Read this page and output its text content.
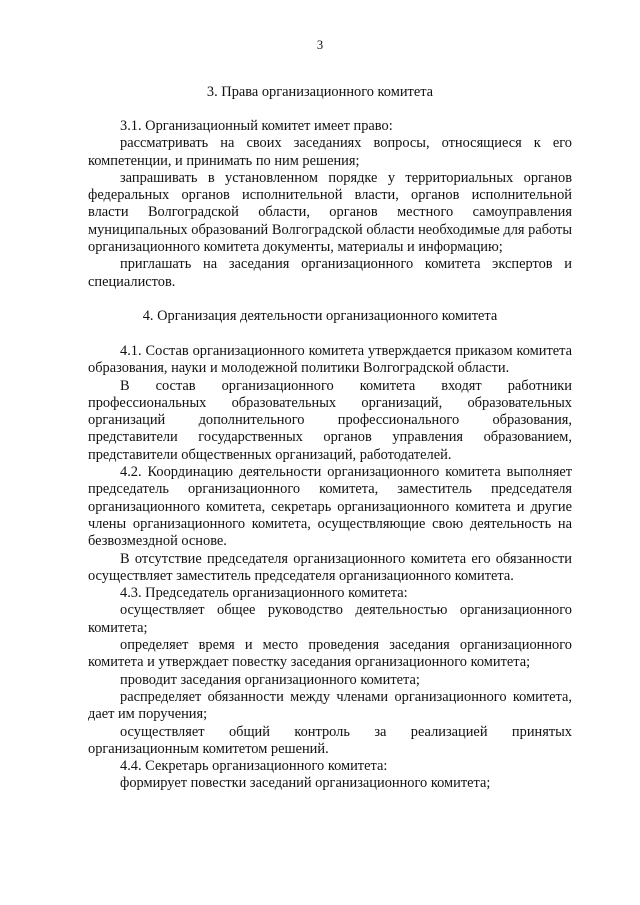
3
3. Права организационного комитета

3.1. Организационный комитет имеет право:

рассматривать на своих заседаниях вопросы, относящиеся к его компетенции, и принимать по ним решения;

запрашивать в установленном порядке у территориальных органов федеральных органов исполнительной власти, органов исполнительной власти Волгоградской области, органов местного самоуправления муниципальных образований Волгоградской области необходимые для работы организационного комитета документы, материалы и информацию;

приглашать на заседания организационного комитета экспертов и специалистов.

4. Организация деятельности организационного комитета

4.1. Состав организационного комитета утверждается приказом комитета образования, науки и молодежной политики Волгоградской области.

В состав организационного комитета входят работники профессиональных образовательных организаций, образовательных организаций дополнительного профессионального образования, представители государственных органов управления образованием, представители общественных организаций, работодателей.

4.2. Координацию деятельности организационного комитета выполняет председатель организационного комитета, заместитель председателя организационного комитета, секретарь организационного комитета и другие члены организационного комитета, осуществляющие свою деятельность на безвозмездной основе.

В отсутствие председателя организационного комитета его обязанности осуществляет заместитель председателя организационного комитета.

4.3. Председатель организационного комитета:

осуществляет общее руководство деятельностью организационного комитета;

определяет время и место проведения заседания организационного комитета и утверждает повестку заседания организационного комитета;

проводит заседания организационного комитета;

распределяет обязанности между членами организационного комитета, дает им поручения;

осуществляет общий контроль за реализацией принятых организационным комитетом решений.

4.4. Секретарь организационного комитета:

формирует повестки заседаний организационного комитета;
